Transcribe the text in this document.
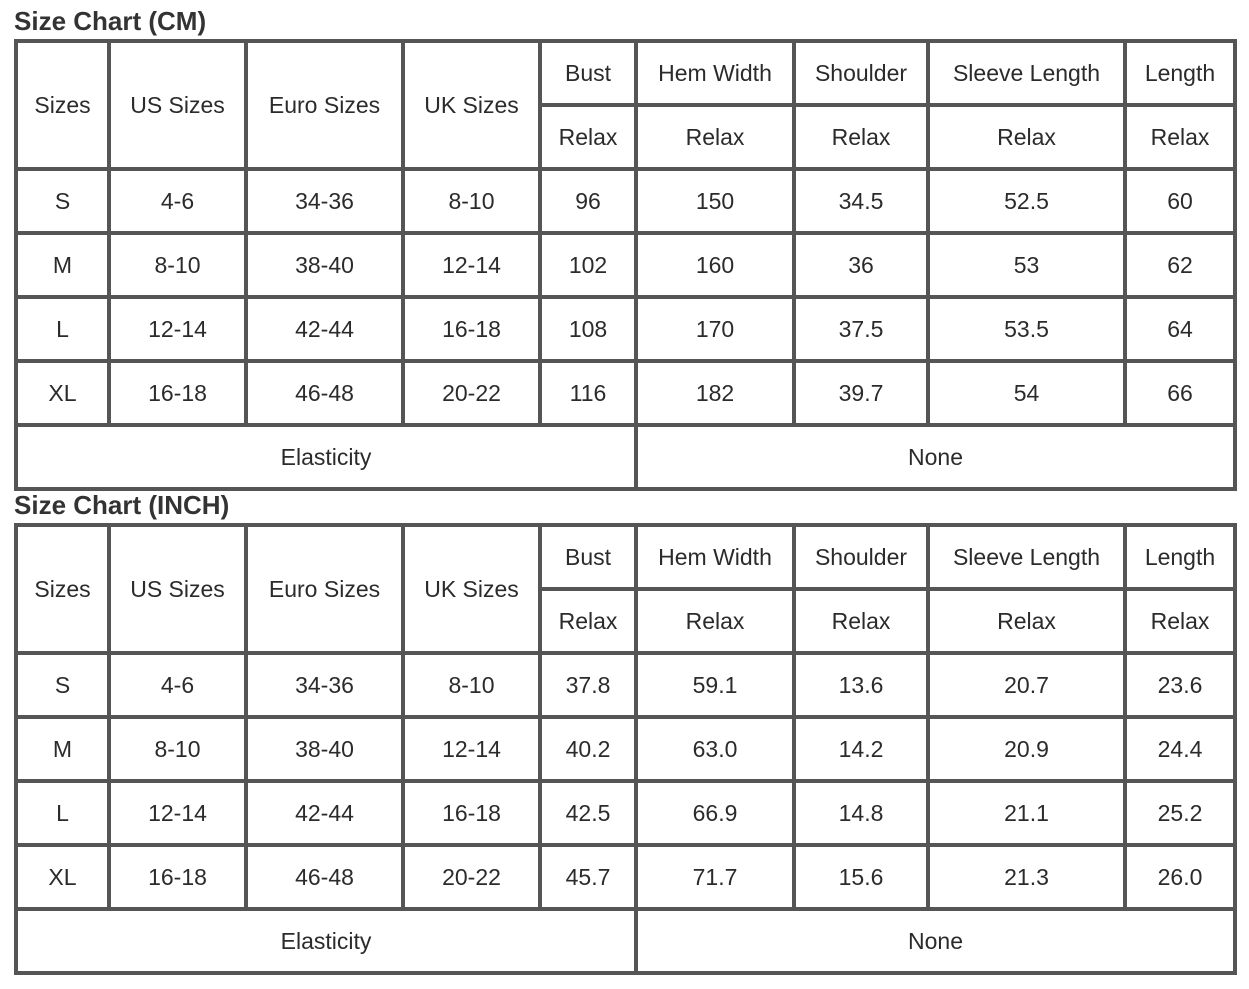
Size Chart (CM)
Sizes	US Sizes	Euro Sizes	UK Sizes	Bust	Hem Width	Shoulder	Sleeve Length	Length
				Relax	Relax	Relax	Relax	Relax
S	4-6	34-36	8-10	96	150	34.5	52.5	60
M	8-10	38-40	12-14	102	160	36	53	62
L	12-14	42-44	16-18	108	170	37.5	53.5	64
XL	16-18	46-48	20-22	116	182	39.7	54	66
Elasticity					None			
Size Chart (INCH)
Sizes	US Sizes	Euro Sizes	UK Sizes	Bust	Hem Width	Shoulder	Sleeve Length	Length
				Relax	Relax	Relax	Relax	Relax
S	4-6	34-36	8-10	37.8	59.1	13.6	20.7	23.6
M	8-10	38-40	12-14	40.2	63.0	14.2	20.9	24.4
L	12-14	42-44	16-18	42.5	66.9	14.8	21.1	25.2
XL	16-18	46-48	20-22	45.7	71.7	15.6	21.3	26.0
Elasticity					None			
